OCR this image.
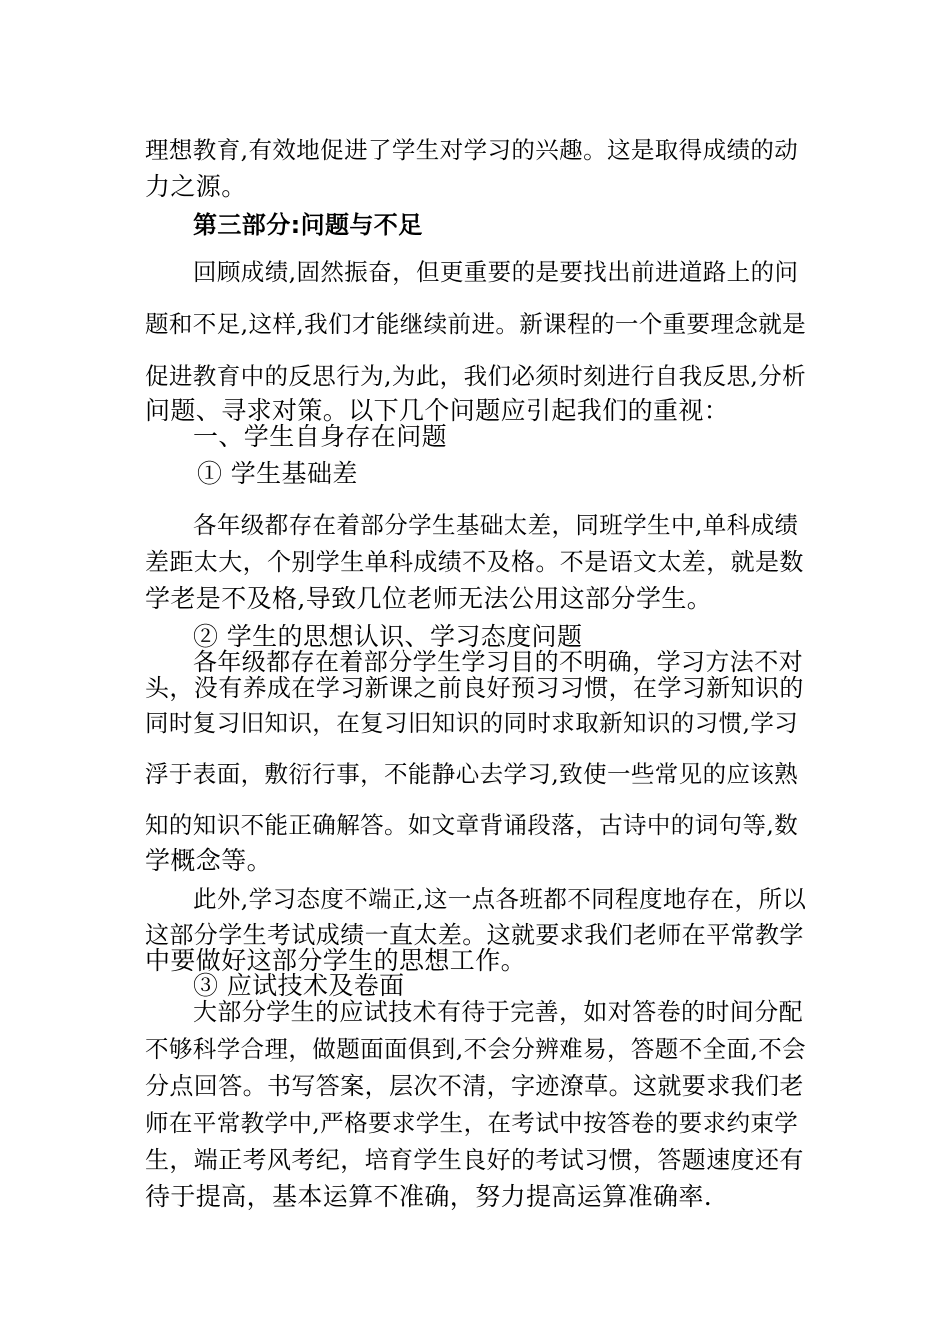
理想教育,有效地促进了学生对学习的兴趣。这是取得成绩的动
力之源。
第三部分:问题与不足
回顾成绩,固然振奋，但更重要的是要找出前进道路上的问
题和不足,这样,我们才能继续前进。新课程的一个重要理念就是
促进教育中的反思行为,为此，我们必须时刻进行自我反思,分析
问题、寻求对策。以下几个问题应引起我们的重视：
一、学生自身存在问题
① 学生基础差
各年级都存在着部分学生基础太差，同班学生中,单科成绩
差距太大，个别学生单科成绩不及格。不是语文太差，就是数
学老是不及格,导致几位老师无法公用这部分学生。
② 学生的思想认识、学习态度问题
各年级都存在着部分学生学习目的不明确，学习方法不对
头，没有养成在学习新课之前良好预习习惯，在学习新知识的
同时复习旧知识，在复习旧知识的同时求取新知识的习惯,学习
浮于表面，敷衍行事，不能静心去学习,致使一些常见的应该熟
知的知识不能正确解答。如文章背诵段落，古诗中的词句等,数
学概念等。
此外,学习态度不端正,这一点各班都不同程度地存在，所以
这部分学生考试成绩一直太差。这就要求我们老师在平常教学
中要做好这部分学生的思想工作。
③ 应试技术及卷面
大部分学生的应试技术有待于完善，如对答卷的时间分配
不够科学合理，做题面面俱到,不会分辨难易，答题不全面,不会
分点回答。书写答案，层次不清，字迹潦草。这就要求我们老
师在平常教学中,严格要求学生，在考试中按答卷的要求约束学
生，端正考风考纪，培育学生良好的考试习惯，答题速度还有
待于提高，基本运算不准确，努力提高运算准确率.
